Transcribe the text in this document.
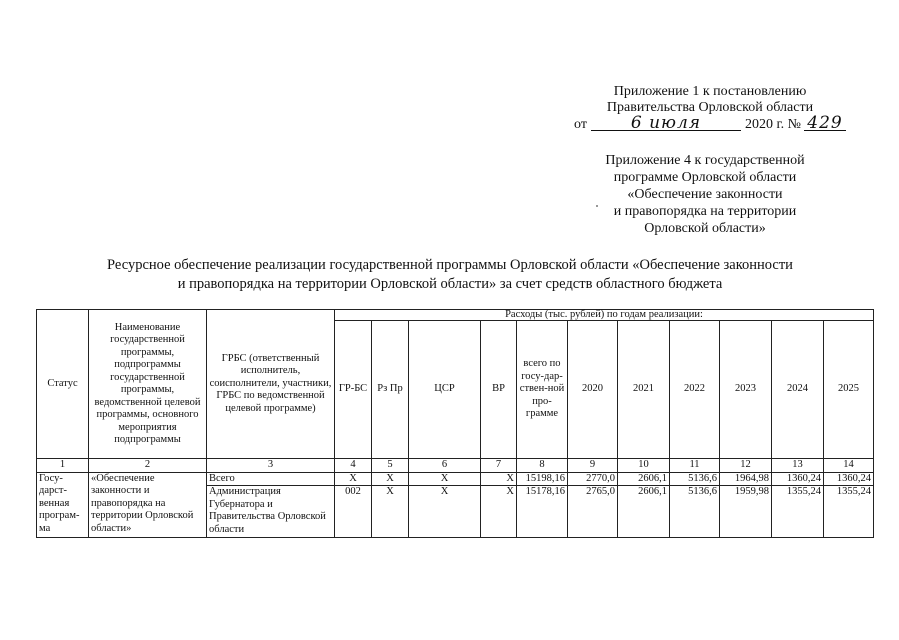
Приложение 1 к постановлению
Правительства Орловской области
от	6 июля	2020 г. № 429
Приложение 4 к государственной
программе Орловской области
«Обеспечение законности
и правопорядка на территории
Орловской области»
Ресурсное обеспечение реализации государственной программы Орловской области «Обеспечение законности
и правопорядка на территории Орловской области» за счет средств областного бюджета
Статус	Наименование государственной программы, подпрограммы государственной программы, ведомственной целевой программы, основного мероприятия подпрограммы	ГРБС (ответственный исполнитель, соисполнители, участники, ГРБС по ведомственной целевой программе)	Расходы (тыс. рублей) по годам реализации:										
			ГР-БС	Рз Пр	ЦСР	ВР	всего по госу-дар-ствен-ной про-грамме	2020	2021	2022	2023	2024	2025
1	2	3	4	5	6	7	8	9	10	11	12	13	14
Госу-дарст-венная програм-ма	«Обеспечение законности и правопорядка на территории Орловской области»	Всего	Х	Х	Х	Х	15198,16	2770,0	2606,1	5136,6	1964,98	1360,24	1360,24
		Администрация Губернатора и Правительства Орловской области	002	Х	Х	Х	15178,16	2765,0	2606,1	5136,6	1959,98	1355,24	1355,24
